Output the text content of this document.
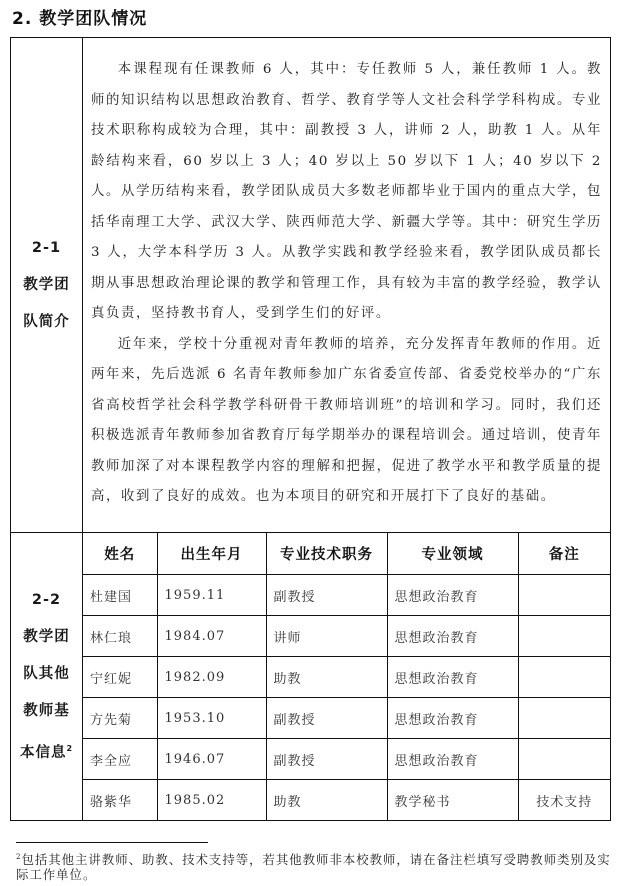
2. 教学团队情况
2-1
教学团
队简介

本课程现有任课教师 6 人，其中：专任教师 5 人，兼任教师 1 人。教师的知识结构以思想政治教育、哲学、教育学等人文社会科学学科构成。专业技术职称构成较为合理，其中：副教授 3 人，讲师 2 人，助教 1 人。从年龄结构来看，60 岁以上 3 人；40 岁以上 50 岁以下 1 人；40 岁以下 2 人。从学历结构来看，教学团队成员大多数老师都毕业于国内的重点大学，包括华南理工大学、武汉大学、陕西师范大学、新疆大学等。其中：研究生学历 3 人，大学本科学历 3 人。从教学实践和教学经验来看，教学团队成员都长期从事思想政治理论课的教学和管理工作，具有较为丰富的教学经验，教学认真负责，坚持教书育人，受到学生们的好评。

近年来，学校十分重视对青年教师的培养，充分发挥青年教师的作用。近两年来，先后选派 6 名青年教师参加广东省委宣传部、省委党校举办的“广东省高校哲学社会科学教学科研骨干教师培训班”的培训和学习。同时，我们还积极选派青年教师参加省教育厅每学期举办的课程培训会。通过培训，使青年教师加深了对本课程教学内容的理解和把握，促进了教学水平和教学质量的提高，收到了良好的成效。也为本项目的研究和开展打下了良好的基础。

2-2
教学团
队其他
教师基
本信息$^2$

姓名	出生年月	专业技术职务	专业领域	备注
杜建国	1959.11	副教授	思想政治教育	
林仁琅	1984.07	讲师	思想政治教育	
宁红妮	1982.09	助教	思想政治教育	
方先菊	1953.10	副教授	思想政治教育	
李全应	1946.07	副教授	思想政治教育	
骆紫华	1985.02	助教	教学秘书	技术支持
$^2$包括其他主讲教师、助教、技术支持等，若其他教师非本校教师，请在备注栏填写受聘教师类别及实际工作单位。
